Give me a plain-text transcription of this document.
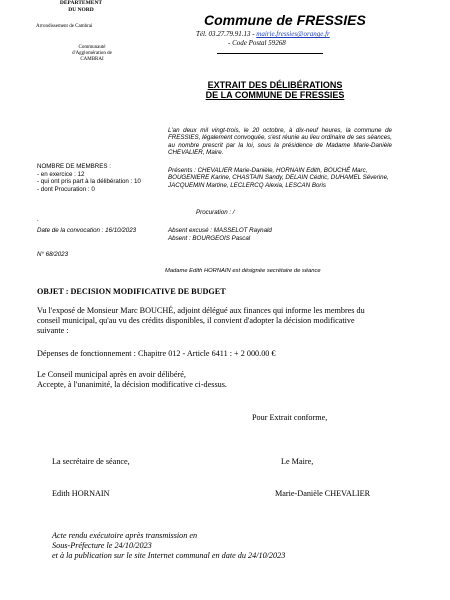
DÉPARTEMENT
DU NORD
Arrondissement de Cambrai
Communauté
d'Agglomération de
CAMBRAI
Commune de FRESSIES
Tél. 03.27.79.91.13 - mairie.fressies@orange.fr
- Code Postal 59268
EXTRAIT DES DÉLIBÉRATIONS
DE LA COMMUNE DE FRESSIES
L'an deux mil vingt-trois, le 20 octobre, à dix-neuf heures, la commune de FRESSIES, légalement convoquée, s'est réunie au lieu ordinaire de ses séances, au nombre prescrit par la loi, sous la présidence de Madame Marie-Danièle CHEVALIER, Maire.
NOMBRE DE MEMBRES :
- en exercice : 12
- qui ont pris part à la délibération : 10
- dont Procuration : 0
Présents : CHEVALIER Marie-Danièle, HORNAIN Edith, BOUCHÉ Marc, BOUGENIERE Karine, CHASTAIN Sandy, DELAIN Cédric, DUHAMEL Séverine, JACQUEMIN Martine, LECLERCQ Alexia, LESCAN Boris
Procuration : /
.
Date de la convocation : 16/10/2023	Absent excusé : MASSELOT Raynald
Absent : BOURGEOIS Pascal
N° 68/2023
Madame Edith HORNAIN est désignée secrétaire de séance
OBJET : DECISION MODIFICATIVE DE BUDGET
Vu l'exposé de Monsieur Marc BOUCHÉ, adjoint délégué aux finances qui informe les membres du
conseil municipal, qu'au vu des crédits disponibles, il convient d'adopter la décision modificative
suivante :
Dépenses de fonctionnement : Chapitre 012 - Article 6411 : + 2 000.00 €
Le Conseil municipal après en avoir délibéré,
Accepte, à l'unanimité, la décision modificative ci-dessus.
Pour Extrait conforme,
La secrétaire de séance,	Le Maire,
Edith HORNAIN	Marie-Danièle CHEVALIER
Acte rendu exécutoire après transmission en
Sous-Préfecture le 24/10/2023
et à la publication sur le site Internet communal en date du 24/10/2023
